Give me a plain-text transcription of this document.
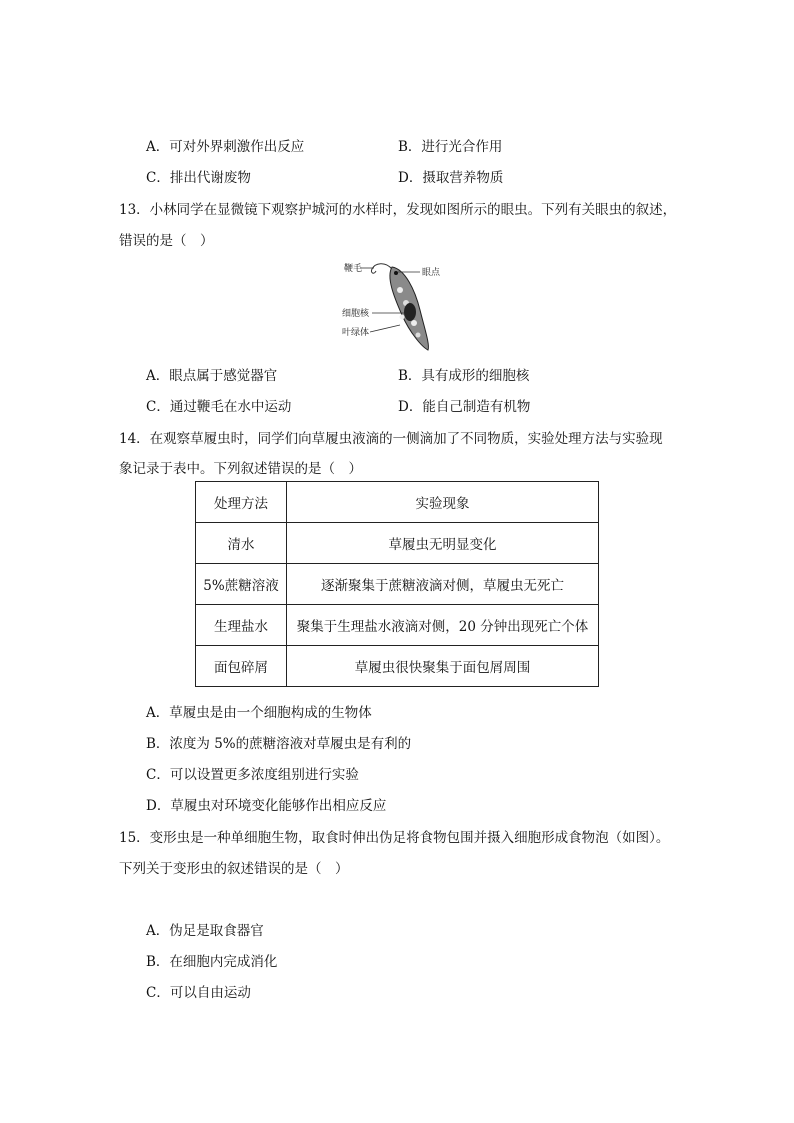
A．可对外界刺激作出反应	B．进行光合作用
C．排出代谢废物	D．摄取营养物质
13．小林同学在显微镜下观察护城河的水样时，发现如图所示的眼虫。下列有关眼虫的叙述，
错误的是（　）
鞭毛	眼点
细胞核
叶绿体
A．眼点属于感觉器官	B．具有成形的细胞核
C．通过鞭毛在水中运动	D．能自己制造有机物
14．在观察草履虫时，同学们向草履虫液滴的一侧滴加了不同物质，实验处理方法与实验现
象记录于表中。下列叙述错误的是（　）
处理方法	实验现象
清水	草履虫无明显变化
5%蔗糖溶液	逐渐聚集于蔗糖液滴对侧，草履虫无死亡
生理盐水	聚集于生理盐水液滴对侧，20 分钟出现死亡个体
面包碎屑	草履虫很快聚集于面包屑周围
A．草履虫是由一个细胞构成的生物体
B．浓度为 5%的蔗糖溶液对草履虫是有利的
C．可以设置更多浓度组别进行实验
D．草履虫对环境变化能够作出相应反应
15．变形虫是一种单细胞生物，取食时伸出伪足将食物包围并摄入细胞形成食物泡（如图）。
下列关于变形虫的叙述错误的是（　）
A．伪足是取食器官
B．在细胞内完成消化
C．可以自由运动
